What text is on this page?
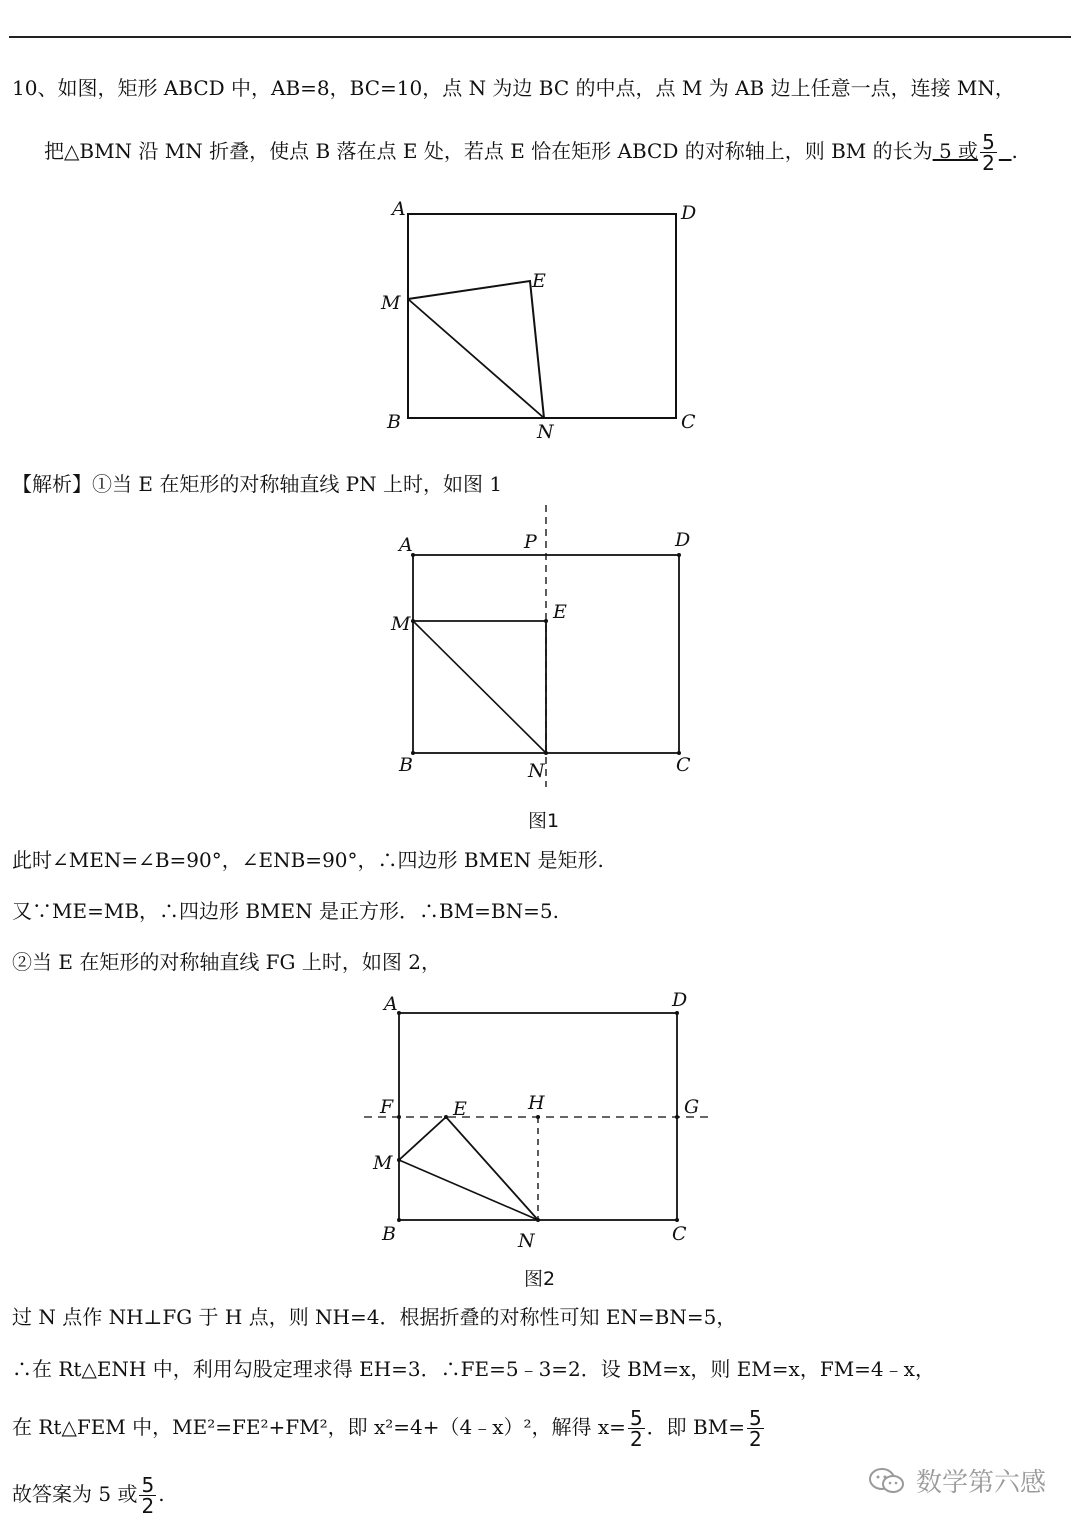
10、如图，矩形 ABCD 中，AB=8，BC=10，点 N 为边 BC 的中点，点 M 为 AB 边上任意一点，连接 MN，
把△BMN 沿 MN 折叠，使点 B 落在点 E 处，若点 E 恰在矩形 ABCD 的对称轴上，则 BM 的长为 5 或 $\frac{5}{2}$ .
A	D
E
M
B	N	C
【解析】①当 E 在矩形的对称轴直线 PN 上时，如图 1
A	P	D
M
E
B	N	C
图1
此时∠MEN=∠B=90°，∠ENB=90°，∴四边形 BMEN 是矩形.
又∵ME=MB，∴四边形 BMEN 是正方形．∴BM=BN=5.
②当 E 在矩形的对称轴直线 FG 上时，如图 2，
A	D
F	E	H	G
M
B	N	C
图2
过 N 点作 NH⊥FG 于 H 点，则 NH=4．根据折叠的对称性可知 EN=BN=5，
∴在 Rt△ENH 中，利用勾股定理求得 EH=3．∴FE=5﹣3=2．设 BM=x，则 EM=x，FM=4﹣x，
在 Rt△FEM 中，ME²=FE²+FM²，即 x²=4+（4﹣x）²，解得 $x= \frac{5}{2}$ ．即 $BM= \frac{5}{2}$
故答案为 5 或 $\frac{5}{2}$ .	数学第六感
